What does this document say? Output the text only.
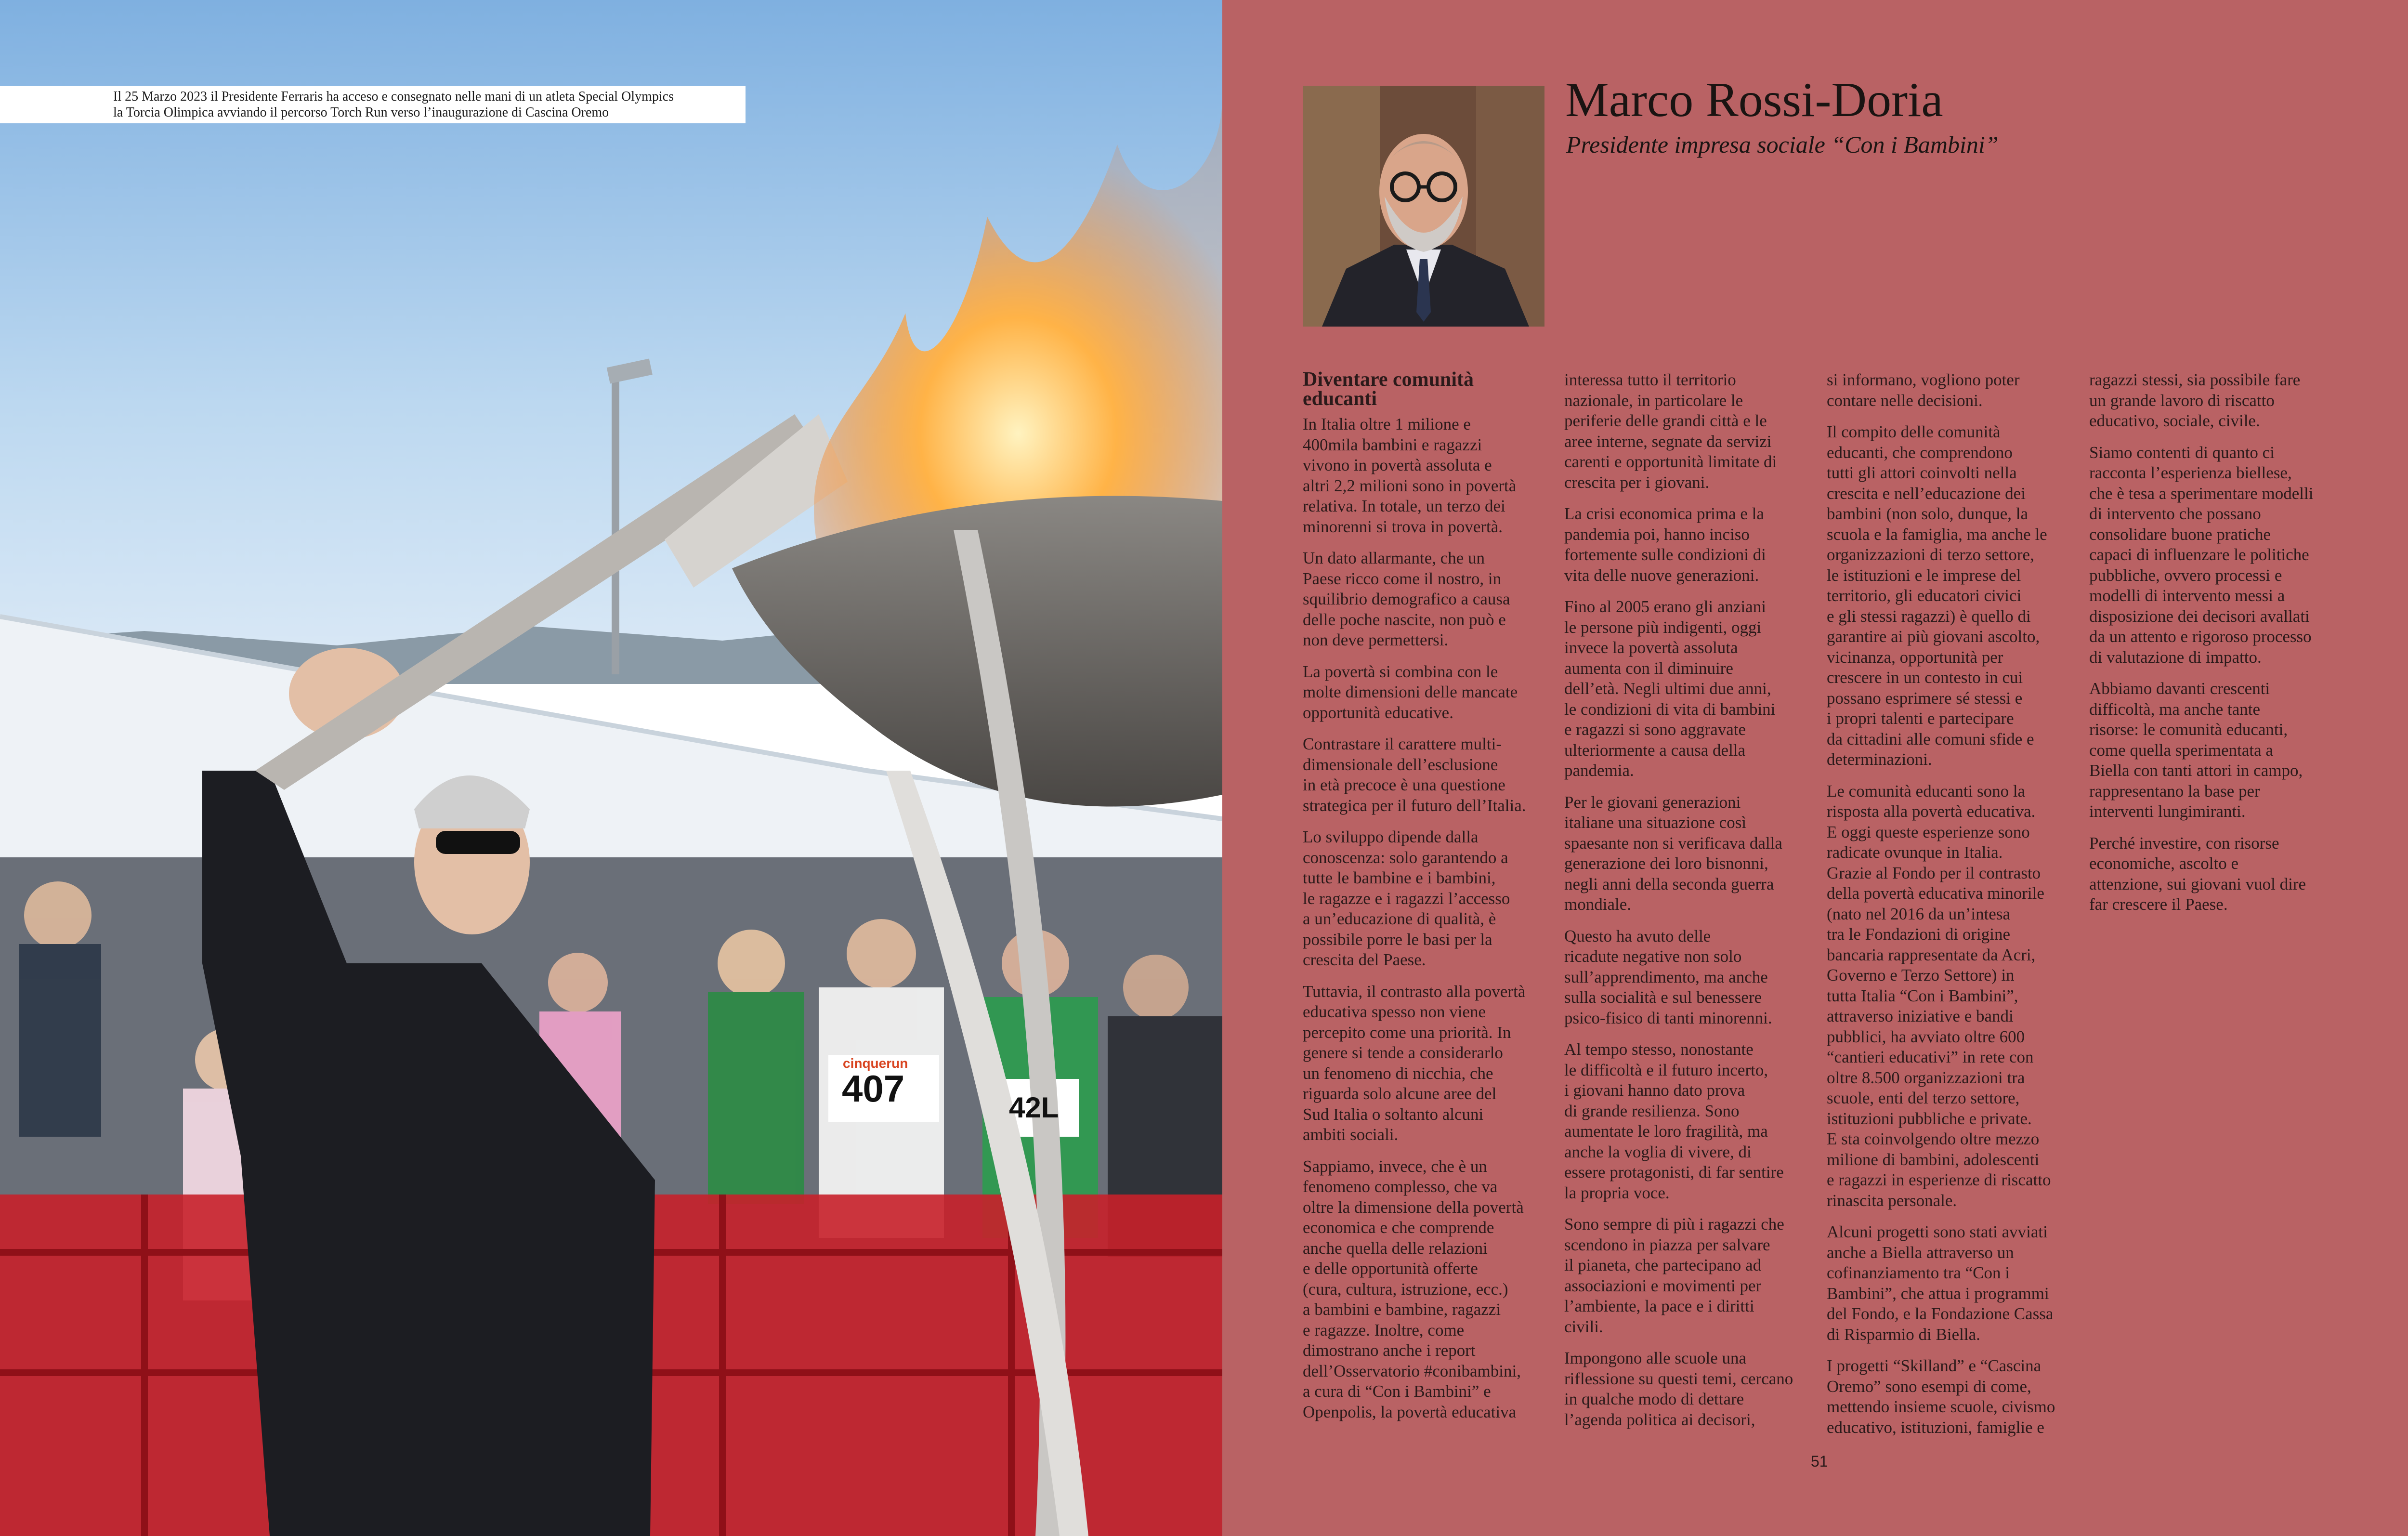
Il 25 Marzo 2023 il Presidente Ferraris ha acceso e consegnato nelle mani di un atleta Special Olympics
la Torcia Olimpica avviando il percorso Torch Run verso l’inaugurazione di Cascina Oremo	Marco Rossi-Doria
Presidente impresa sociale “Con i Bambini”
Diventare comunità
educanti

In Italia oltre 1 milione e
400mila bambini e ragazzi
vivono in povertà assoluta e
altri 2,2 milioni sono in povertà
relativa. In totale, un terzo dei
minorenni si trova in povertà.

Un dato allarmante, che un
Paese ricco come il nostro, in
squilibrio demografico a causa
delle poche nascite, non può e
non deve permettersi.

La povertà si combina con le
molte dimensioni delle mancate
opportunità educative.

Contrastare il carattere multi-
dimensionale dell’esclusione
in età precoce è una questione
strategica per il futuro dell’Italia.

Lo sviluppo dipende dalla
conoscenza: solo garantendo a
tutte le bambine e i bambini,
le ragazze e i ragazzi l’accesso
a un’educazione di qualità, è
possibile porre le basi per la
crescita del Paese.

Tuttavia, il contrasto alla povertà
educativa spesso non viene
percepito come una priorità. In
genere si tende a considerarlo
un fenomeno di nicchia, che
riguarda solo alcune aree del
Sud Italia o soltanto alcuni
ambiti sociali.

Sappiamo, invece, che è un
fenomeno complesso, che va
oltre la dimensione della povertà
economica e che comprende
anche quella delle relazioni
e delle opportunità offerte
(cura, cultura, istruzione, ecc.)
a bambini e bambine, ragazzi
e ragazze. Inoltre, come
dimostrano anche i report
dell’Osservatorio #conibambini,
a cura di “Con i Bambini” e
Openpolis, la povertà educativa

interessa tutto il territorio
nazionale, in particolare le
periferie delle grandi città e le
aree interne, segnate da servizi
carenti e opportunità limitate di
crescita per i giovani.

La crisi economica prima e la
pandemia poi, hanno inciso
fortemente sulle condizioni di
vita delle nuove generazioni.

Fino al 2005 erano gli anziani
le persone più indigenti, oggi
invece la povertà assoluta
aumenta con il diminuire
dell’età. Negli ultimi due anni,
le condizioni di vita di bambini
e ragazzi si sono aggravate
ulteriormente a causa della
pandemia.

Per le giovani generazioni
italiane una situazione così
spaesante non si verificava dalla
generazione dei loro bisnonni,
negli anni della seconda guerra
mondiale.

Questo ha avuto delle
ricadute negative non solo
sull’apprendimento, ma anche
sulla socialità e sul benessere
psico-fisico di tanti minorenni.

Al tempo stesso, nonostante
le difficoltà e il futuro incerto,
i giovani hanno dato prova
di grande resilienza. Sono
aumentate le loro fragilità, ma
anche la voglia di vivere, di
essere protagonisti, di far sentire
la propria voce.

Sono sempre di più i ragazzi che
scendono in piazza per salvare
il pianeta, che partecipano ad
associazioni e movimenti per
l’ambiente, la pace e i diritti
civili.

Impongono alle scuole una
riflessione su questi temi, cercano
in qualche modo di dettare
l’agenda politica ai decisori,

si informano, vogliono poter
contare nelle decisioni.

Il compito delle comunità
educanti, che comprendono
tutti gli attori coinvolti nella
crescita e nell’educazione dei
bambini (non solo, dunque, la
scuola e la famiglia, ma anche le
organizzazioni di terzo settore,
le istituzioni e le imprese del
territorio, gli educatori civici
e gli stessi ragazzi) è quello di
garantire ai più giovani ascolto,
vicinanza, opportunità per
crescere in un contesto in cui
possano esprimere sé stessi e
i propri talenti e partecipare
da cittadini alle comuni sfide e
determinazioni.

Le comunità educanti sono la
risposta alla povertà educativa.
E oggi queste esperienze sono
radicate ovunque in Italia.
Grazie al Fondo per il contrasto
della povertà educativa minorile
(nato nel 2016 da un’intesa
tra le Fondazioni di origine
bancaria rappresentate da Acri,
Governo e Terzo Settore) in
tutta Italia “Con i Bambini”,
attraverso iniziative e bandi
pubblici, ha avviato oltre 600
“cantieri educativi” in rete con
oltre 8.500 organizzazioni tra
scuole, enti del terzo settore,
istituzioni pubbliche e private.
E sta coinvolgendo oltre mezzo
milione di bambini, adolescenti
e ragazzi in esperienze di riscatto
rinascita personale.

Alcuni progetti sono stati avviati
anche a Biella attraverso un
cofinanziamento tra “Con i
Bambini”, che attua i programmi
del Fondo, e la Fondazione Cassa
di Risparmio di Biella.

I progetti “Skilland” e “Cascina
Oremo” sono esempi di come,
mettendo insieme scuole, civismo
educativo, istituzioni, famiglie e

ragazzi stessi, sia possibile fare
un grande lavoro di riscatto
educativo, sociale, civile.

Siamo contenti di quanto ci
racconta l’esperienza biellese,
che è tesa a sperimentare modelli
di intervento che possano
consolidare buone pratiche
capaci di influenzare le politiche
pubbliche, ovvero processi e
modelli di intervento messi a
disposizione dei decisori avallati
da un attento e rigoroso processo
di valutazione di impatto.

Abbiamo davanti crescenti
difficoltà, ma anche tante
risorse: le comunità educanti,
come quella sperimentata a
Biella con tanti attori in campo,
rappresentano la base per
interventi lungimiranti.

Perché investire, con risorse
economiche, ascolto e
attenzione, sui giovani vuol dire
far crescere il Paese.

51
407	42L
cinquerun
